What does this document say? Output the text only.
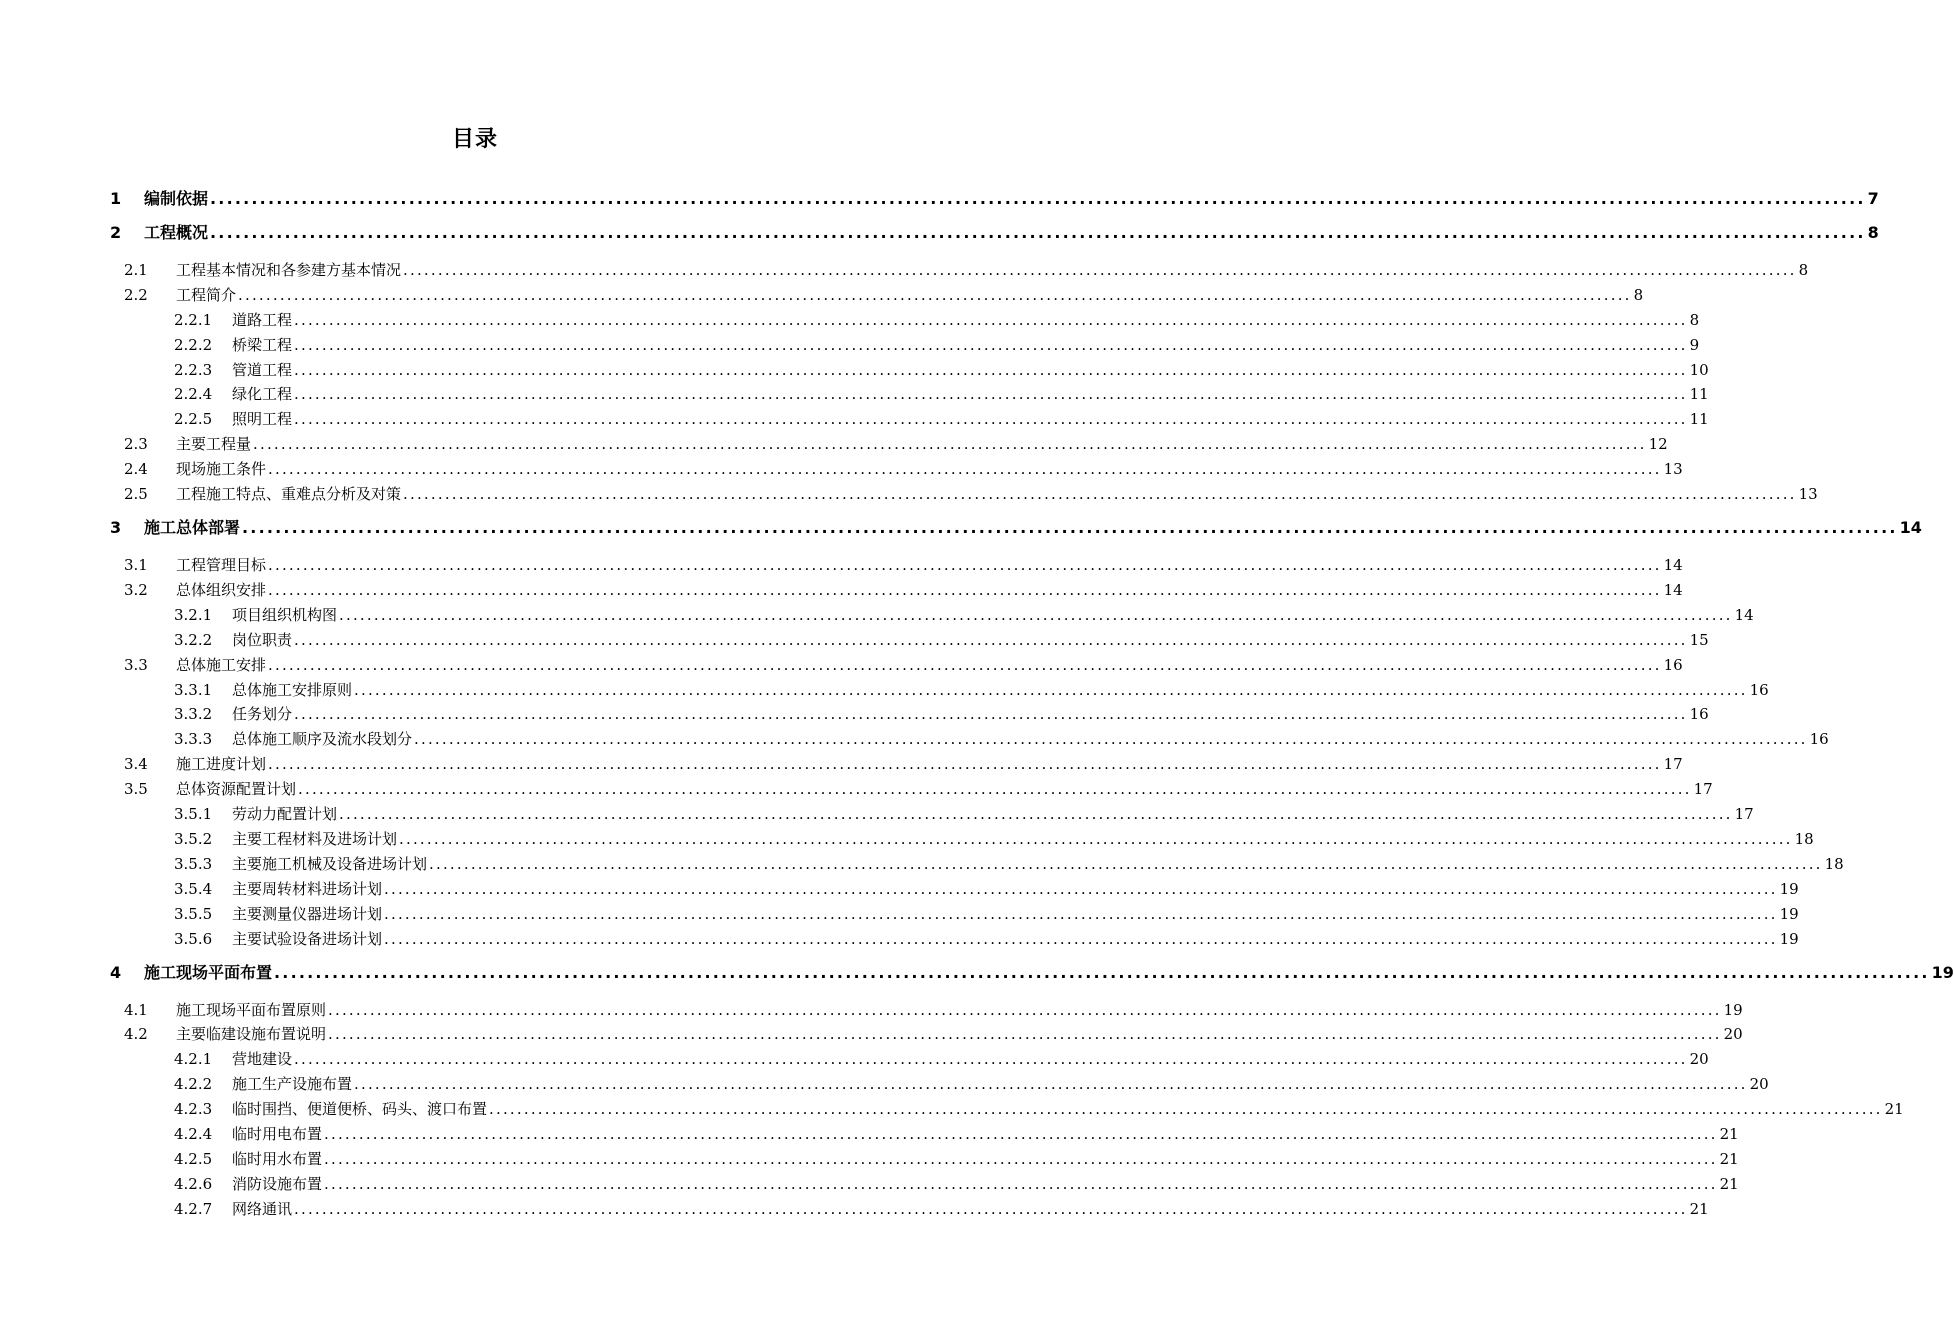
目录
1	编制依据 ........................................................................................................................................................................................................ 7
2	工程概况 ........................................................................................................................................................................................................ 8
2.1	工程基本情况和各参建方基本情况 ........................................................................................................................................................................................................ 8
2.2	工程简介 ........................................................................................................................................................................................................ 8
2.2.1	道路工程 ........................................................................................................................................................................................................ 8
2.2.2	桥梁工程 ........................................................................................................................................................................................................ 9
2.2.3	管道工程 ........................................................................................................................................................................................................ 10
2.2.4	绿化工程 ........................................................................................................................................................................................................ 11
2.2.5	照明工程 ........................................................................................................................................................................................................ 11
2.3	主要工程量 ........................................................................................................................................................................................................ 12
2.4	现场施工条件 ........................................................................................................................................................................................................ 13
2.5	工程施工特点、重难点分析及对策 ........................................................................................................................................................................................................ 13
3	施工总体部署 ........................................................................................................................................................................................................ 14
3.1	工程管理目标 ........................................................................................................................................................................................................ 14
3.2	总体组织安排 ........................................................................................................................................................................................................ 14
3.2.1	项目组织机构图 ........................................................................................................................................................................................................ 14
3.2.2	岗位职责 ........................................................................................................................................................................................................ 15
3.3	总体施工安排 ........................................................................................................................................................................................................ 16
3.3.1	总体施工安排原则 ........................................................................................................................................................................................................ 16
3.3.2	任务划分 ........................................................................................................................................................................................................ 16
3.3.3	总体施工顺序及流水段划分 ........................................................................................................................................................................................................ 16
3.4	施工进度计划 ........................................................................................................................................................................................................ 17
3.5	总体资源配置计划 ........................................................................................................................................................................................................ 17
3.5.1	劳动力配置计划 ........................................................................................................................................................................................................ 17
3.5.2	主要工程材料及进场计划 ........................................................................................................................................................................................................ 18
3.5.3	主要施工机械及设备进场计划 ........................................................................................................................................................................................................ 18
3.5.4	主要周转材料进场计划 ........................................................................................................................................................................................................ 19
3.5.5	主要测量仪器进场计划 ........................................................................................................................................................................................................ 19
3.5.6	主要试验设备进场计划 ........................................................................................................................................................................................................ 19
4	施工现场平面布置 ........................................................................................................................................................................................................ 19
4.1	施工现场平面布置原则 ........................................................................................................................................................................................................ 19
4.2	主要临建设施布置说明 ........................................................................................................................................................................................................ 20
4.2.1	营地建设 ........................................................................................................................................................................................................ 20
4.2.2	施工生产设施布置 ........................................................................................................................................................................................................ 20
4.2.3	临时围挡、便道便桥、码头、渡口布置 ........................................................................................................................................................................................................ 21
4.2.4	临时用电布置 ........................................................................................................................................................................................................ 21
4.2.5	临时用水布置 ........................................................................................................................................................................................................ 21
4.2.6	消防设施布置 ........................................................................................................................................................................................................ 21
4.2.7	网络通讯 ........................................................................................................................................................................................................ 21
